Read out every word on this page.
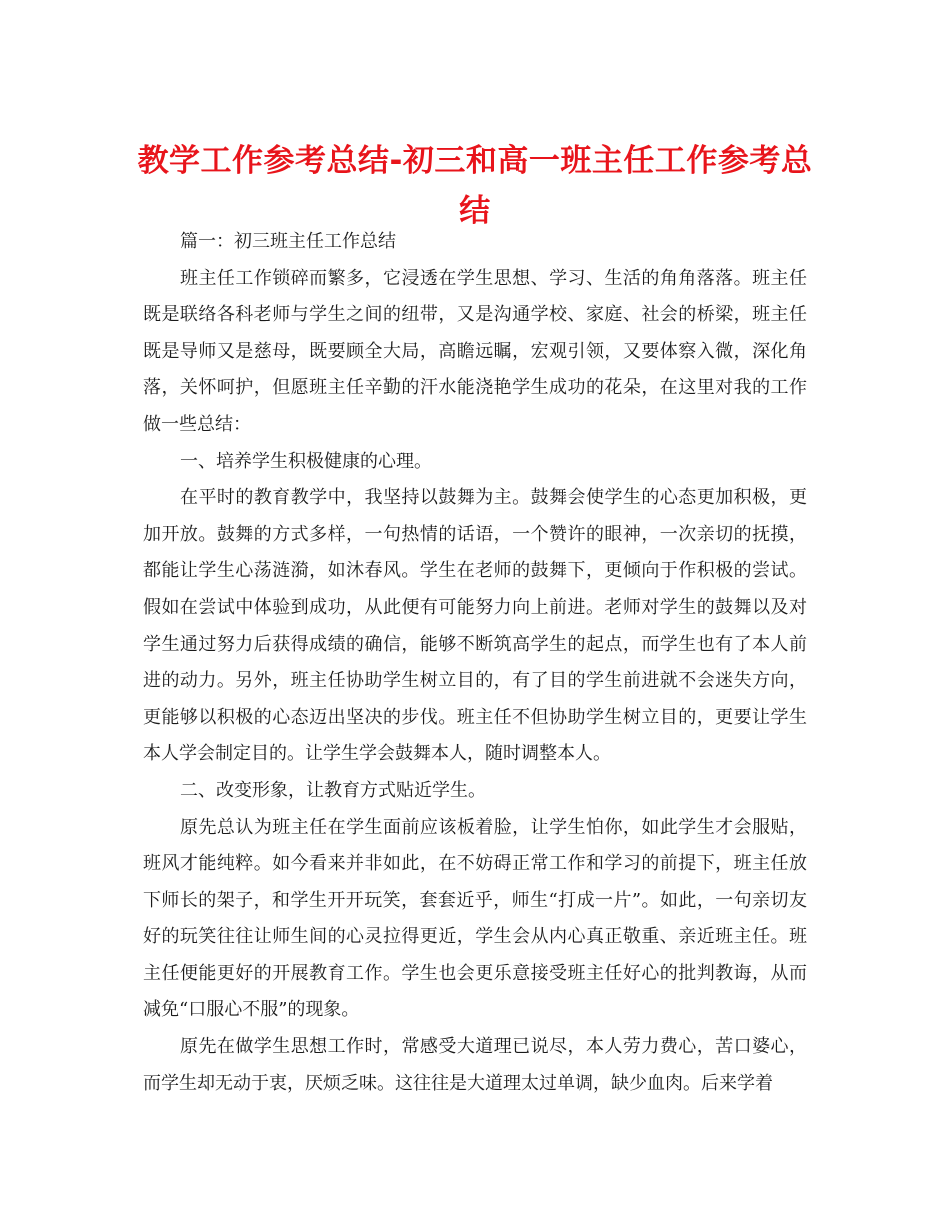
教学工作参考总结-初三和高一班主任工作参考总结

篇一：初三班主任工作总结

班主任工作锁碎而繁多，它浸透在学生思想、学习、生活的角角落落。班主任既是联络各科老师与学生之间的纽带，又是沟通学校、家庭、社会的桥梁，班主任既是导师又是慈母，既要顾全大局，高瞻远瞩，宏观引领，又要体察入微，深化角落，关怀呵护，但愿班主任辛勤的汗水能浇艳学生成功的花朵，在这里对我的工作做一些总结：

一、培养学生积极健康的心理。

在平时的教育教学中，我坚持以鼓舞为主。鼓舞会使学生的心态更加积极，更加开放。鼓舞的方式多样，一句热情的话语，一个赞许的眼神，一次亲切的抚摸，都能让学生心荡涟漪，如沐春风。学生在老师的鼓舞下，更倾向于作积极的尝试。假如在尝试中体验到成功，从此便有可能努力向上前进。老师对学生的鼓舞以及对学生通过努力后获得成绩的确信，能够不断筑高学生的起点，而学生也有了本人前进的动力。另外，班主任协助学生树立目的，有了目的学生前进就不会迷失方向，更能够以积极的心态迈出坚决的步伐。班主任不但协助学生树立目的，更要让学生本人学会制定目的。让学生学会鼓舞本人，随时调整本人。

二、改变形象，让教育方式贴近学生。

原先总认为班主任在学生面前应该板着脸，让学生怕你，如此学生才会服贴，班风才能纯粹。如今看来并非如此，在不妨碍正常工作和学习的前提下，班主任放下师长的架子，和学生开开玩笑，套套近乎，师生“打成一片”。如此，一句亲切友好的玩笑往往让师生间的心灵拉得更近，学生会从内心真正敬重、亲近班主任。班主任便能更好的开展教育工作。学生也会更乐意接受班主任好心的批判教诲，从而减免“口服心不服”的现象。

原先在做学生思想工作时，常感受大道理已说尽，本人劳力费心，苦口婆心，而学生却无动于衷，厌烦乏味。这往往是大道理太过单调，缺少血肉。后来学着
